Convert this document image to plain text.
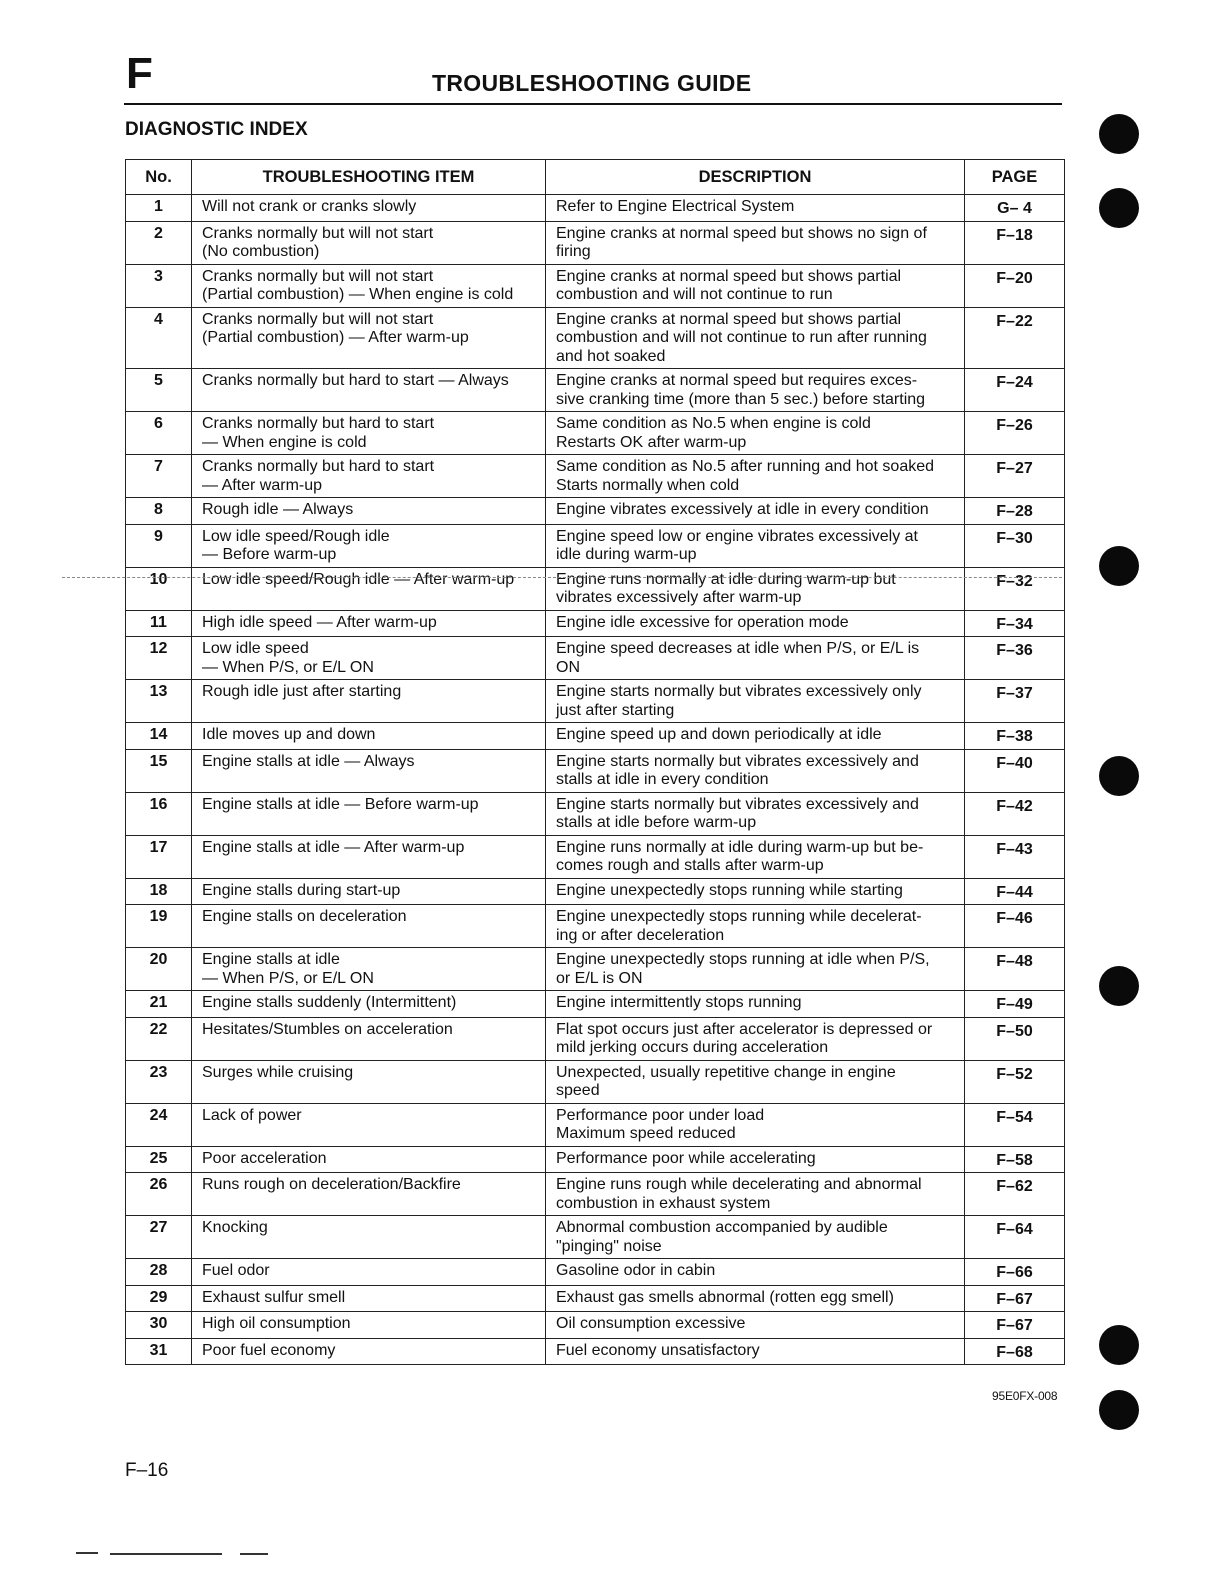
F	TROUBLESHOOTING GUIDE
DIAGNOSTIC INDEX
No.	TROUBLESHOOTING ITEM	DESCRIPTION	PAGE
1	Will not crank or cranks slowly	Refer to Engine Electrical System	G– 4

2	Cranks normally but will not start
(No combustion)	Engine cranks at normal speed but shows no sign of
firing	F–18

3	Cranks normally but will not start
(Partial combustion) — When engine is cold	Engine cranks at normal speed but shows partial
combustion and will not continue to run	F–20

4	Cranks normally but will not start
(Partial combustion) — After warm-up	Engine cranks at normal speed but shows partial
combustion and will not continue to run after running
and hot soaked	F–22

5	Cranks normally but hard to start — Always	Engine cranks at normal speed but requires exces-
sive cranking time (more than 5 sec.) before starting	F–24

6	Cranks normally but hard to start
— When engine is cold	Same condition as No.5 when engine is cold
Restarts OK after warm-up	F–26

7	Cranks normally but hard to start
— After warm-up	Same condition as No.5 after running and hot soaked
Starts normally when cold	F–27

8	Rough idle — Always	Engine vibrates excessively at idle in every condition	F–28

9	Low idle speed/Rough idle
— Before warm-up	Engine speed low or engine vibrates excessively at
idle during warm-up	F–30

10	Low idle speed/Rough idle — After warm-up	Engine runs normally at idle during warm-up but
vibrates excessively after warm-up	F–32

11	High idle speed — After warm-up	Engine idle excessive for operation mode	F–34

12	Low idle speed
— When P/S, or E/L ON	Engine speed decreases at idle when P/S, or E/L is
ON	F–36

13	Rough idle just after starting	Engine starts normally but vibrates excessively only
just after starting	F–37

14	Idle moves up and down	Engine speed up and down periodically at idle	F–38

15	Engine stalls at idle — Always	Engine starts normally but vibrates excessively and
stalls at idle in every condition	F–40

16	Engine stalls at idle — Before warm-up	Engine starts normally but vibrates excessively and
stalls at idle before warm-up	F–42

17	Engine stalls at idle — After warm-up	Engine runs normally at idle during warm-up but be-
comes rough and stalls after warm-up	F–43

18	Engine stalls during start-up	Engine unexpectedly stops running while starting	F–44

19	Engine stalls on deceleration	Engine unexpectedly stops running while decelerat-
ing or after deceleration	F–46

20	Engine stalls at idle
— When P/S, or E/L ON	Engine unexpectedly stops running at idle when P/S,
or E/L is ON	F–48

21	Engine stalls suddenly (Intermittent)	Engine intermittently stops running	F–49

22	Hesitates/Stumbles on acceleration	Flat spot occurs just after accelerator is depressed or
mild jerking occurs during acceleration	F–50

23	Surges while cruising	Unexpected, usually repetitive change in engine
speed	F–52

24	Lack of power	Performance poor under load
Maximum speed reduced	F–54

25	Poor acceleration	Performance poor while accelerating	F–58

26	Runs rough on deceleration/Backfire	Engine runs rough while decelerating and abnormal
combustion in exhaust system	F–62

27	Knocking	Abnormal combustion accompanied by audible
"pinging" noise	F–64

28	Fuel odor	Gasoline odor in cabin	F–66

29	Exhaust sulfur smell	Exhaust gas smells abnormal (rotten egg smell)	F–67

30	High oil consumption	Oil consumption excessive	F–67

31	Poor fuel economy	Fuel economy unsatisfactory	F–68
95E0FX-008
F–16
